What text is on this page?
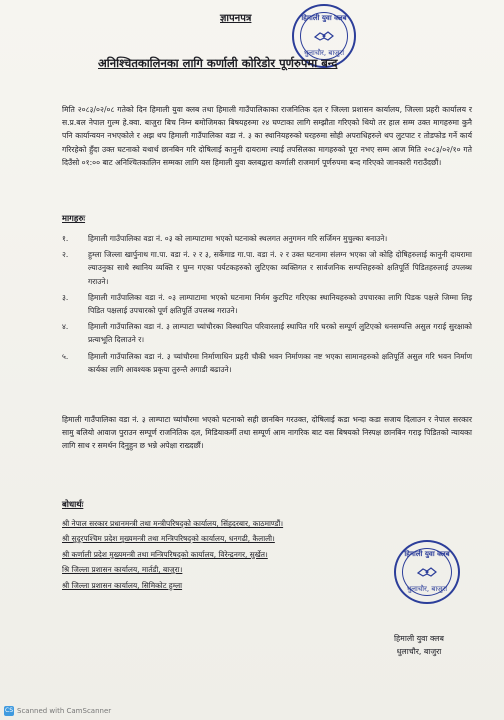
ज्ञापनपत्र	हिमाली युवा क्लब
धुलाचौर, बाजुरा
अनिश्चितकालिनका लागि कर्णाली कोरिडोर पूर्णरुपमा बन्द

मिति २०८३/०२/०८ गतेको दिन हिमाली युवा क्लब तथा हिमाली गाउँपालिकाका राजनितिक दल र जिल्ला प्रशासन कार्यालय, जिल्ला प्रहरी कार्यालय र स.प्र.बल नेपाल गुल्म हे.क्वा. बाजुरा बिच निम्न बमोजिमका बिषयहरुमा २४ घण्टाका लागि सम्झौता गरिएको थियो तर हाल सम्म उक्त मागहरुमा कुनै पनि कार्यान्वयन नभएकोले र अझ थप हिमाली गाउँपालिका वडा नं. ३ का स्थानियहरुको घरहरुमा सोही अपराधिहरुले थप लुटपाट र तोडफोड गर्ने कार्य गरिरहेको हुँदा उक्त घटनाको यथार्थ छानबिन गरि दोषिलाई कानुनी दायरामा ल्याई तपसिलका मागहरुको पूरा नभए सम्म आज मिति २०८३/०२/१० गते दिउँसो ०१:०० बाट अनिश्चितकालिन सम्मका लागि यस हिमाली युवा क्लबद्वारा कर्णाली राजमार्ग पूर्णरुपमा बन्द गरिएको जानकारी गराउँदछौं।

मागहरुः
१.	हिमाली गाउँपालिका वडा नं. ०३ को लाम्पाटामा भएको घटनाको स्थलगत अनुगमन गरि सर्जिमन मुचुल्का बनाउने।
२.	हुम्ला जिल्ला खार्पुनाथ गा.पा. वडा नं. २ र ३, सर्केगाड गा.पा. वडा नं. २ र उक्त घटनामा संलग्न भएका जो कोहि दोषिहरुलाई कानुनी दायरामा ल्याउनुका साथै स्थानिय व्यक्ति र घुम्न गएका पर्यटकहरुको लुटिएका व्यक्तिगत र सार्वजनिक सम्पत्तिहरुको क्षतिपूर्ति पिडितहरुलाई उपलब्ध गराउने।
३.	हिमाली गाउँपालिका वडा नं. ०३ लाम्पाटामा भएको घटनामा निर्मम कुटपिट गरिएका स्थानियहरुको उपचारका लागि पिडक पक्षले जिम्मा लिइ पिडित पक्षलाई उपचारको पूर्ण क्षतिपूर्ति उपलब्ध गराउने।
४.	हिमाली गाउँपालिका वडा नं. ३ लाम्पाटा च्यांचौरका विस्थापित परिवारलाई स्थापित गरि घरको सम्पूर्ण लुटिएको धनसम्पत्ति असुल गराई सुरक्षाको प्रत्याभूति दिलाउने र।
५.	हिमाली गाउँपालिका वडा नं. ३ च्यांचौरमा निर्माणाधिन प्रहरी चौकी भवन निर्माणका नष्ट भएका सामानहरुको क्षतिपूर्ति असुल गरि भवन निर्माण कार्यका लागि आवश्यक प्रकृया तुरुन्तै अगाडी बढाउने।

हिमाली गाउँपालिका वडा नं. ३ लाम्पाटा च्यांचौरमा भएको घटनाको सही छानबिन गरउक्त, दोषिलाई कडा भन्दा कडा सजाय दिलाउन र नेपाल सरकार सामु बलियो आवाज पुराउन सम्पूर्ण राजनितिक दल, मिडियाकर्मी तथा सम्पूर्ण आम नागरिक बाट यस बिषयको निस्पक्ष छानबिन गराइ पिडितको न्यायका लागि साथ र समर्थन दिनुहुन छ भन्ने अपेक्षा राख्दछौं।

बोधार्थः
श्री नेपाल सरकार प्रधानमन्त्री तथा मन्त्रीपरिषद्को कार्यालय, सिंहदरबार, काठमाण्डौं।
श्री सुदूरपश्चिम प्रदेश मुख्यमन्त्री तथा मन्त्रिपरिषद्को कार्यालय, धनगढी, कैलाली।
श्री कर्णाली प्रदेश मुख्यमन्त्री तथा मन्त्रिपरिषद्को कार्यालय, विरेन्द्रनगर, सुर्खेत।
श्रि जिल्ला प्रशासन कार्यालय, मार्तडी, बाजुरा।
श्री जिल्ला प्रशासन कार्यालय, सिमिकोट हुम्ला
हिमाली युवा क्लब
धुलाचौर, बाजुरा
हिमाली युवा क्लब
धुलाचौर, बाजुरा
CS Scanned with CamScanner
